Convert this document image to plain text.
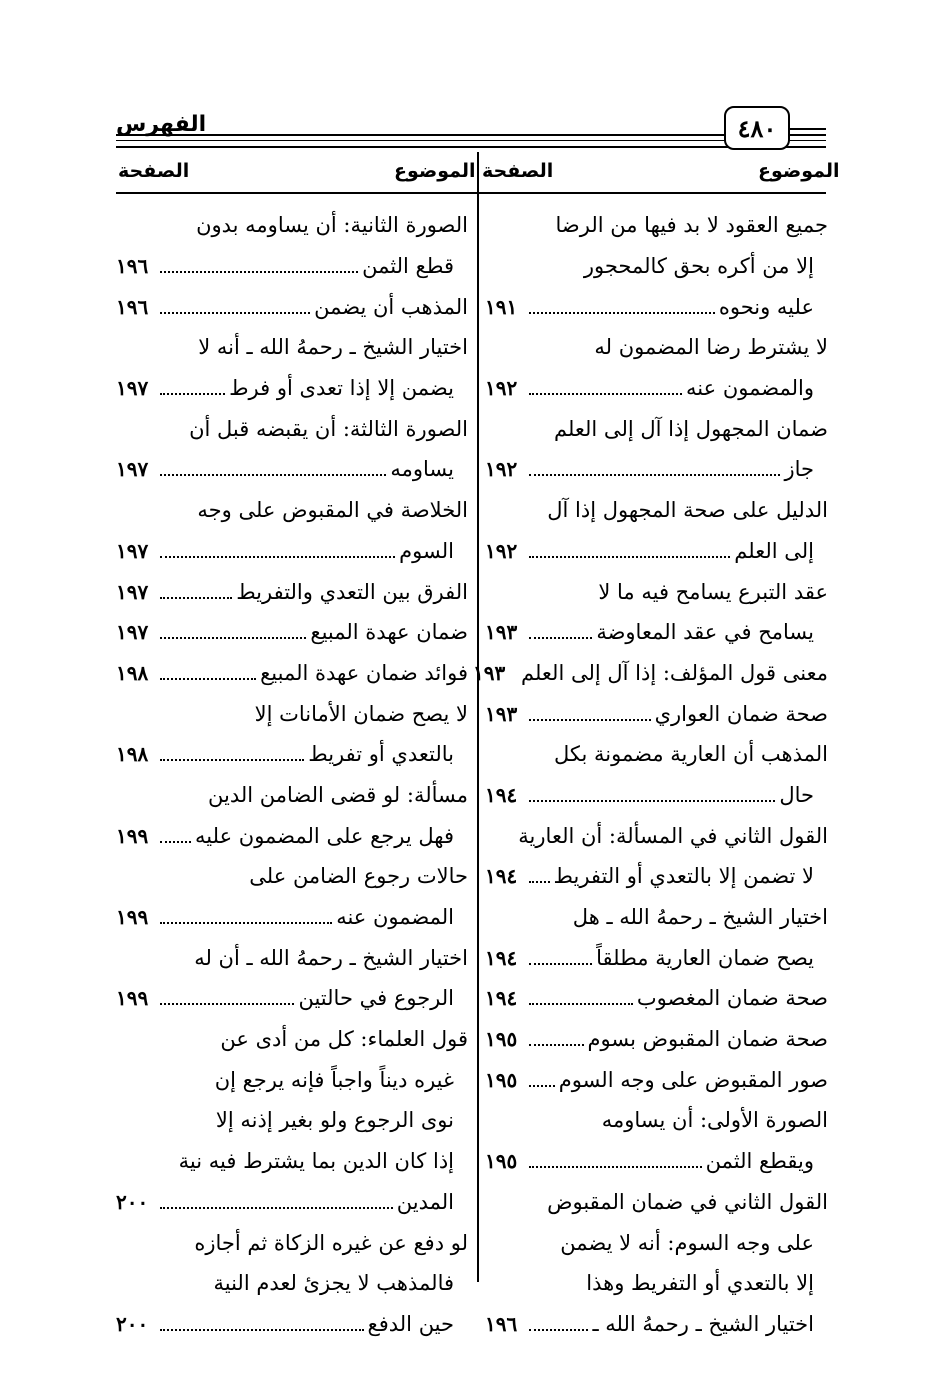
الفهرس	٤٨٠
الموضوع
الصفحة
الموضوع
الصفحة
جميع العقود لا بد فيها من الرضا
إلا من أكره بحق كالمحجور
عليه ونحوه
١٩١
لا يشترط رضا المضمون له
والمضمون عنه
١٩٢
ضمان المجهول إذا آل إلى العلم
جاز
١٩٢
الدليل على صحة المجهول إذا آل
إلى العلم
١٩٢
عقد التبرع يسامح فيه ما لا
يسامح في عقد المعاوضة
١٩٣
معنى قول المؤلف: إذا آل إلى العلم
١٩٣
صحة ضمان العواري
١٩٣
المذهب أن العارية مضمونة بكل
حال
١٩٤
القول الثاني في المسألة: أن العارية
لا تضمن إلا بالتعدي أو التفريط
١٩٤
اختيار الشيخ ـ رحمهُ الله ـ هل
يصح ضمان العارية مطلقاً
١٩٤
صحة ضمان المغصوب
١٩٤
صحة ضمان المقبوض بسوم
١٩٥
صور المقبوض على وجه السوم
١٩٥
الصورة الأولى: أن يساومه
ويقطع الثمن
١٩٥
القول الثاني في ضمان المقبوض
على وجه السوم: أنه لا يضمن
إلا بالتعدي أو التفريط وهذا
اختيار الشيخ ـ رحمهُ الله ـ
١٩٦
الصورة الثانية: أن يساومه بدون
قطع الثمن
١٩٦
المذهب أن يضمن
١٩٦
اختيار الشيخ ـ رحمهُ الله ـ أنه لا
يضمن إلا إذا تعدى أو فرط
١٩٧
الصورة الثالثة: أن يقبضه قبل أن
يساومه
١٩٧
الخلاصة في المقبوض على وجه
السوم
١٩٧
الفرق بين التعدي والتفريط
١٩٧
ضمان عهدة المبيع
١٩٧
فوائد ضمان عهدة المبيع
١٩٨
لا يصح ضمان الأمانات إلا
بالتعدي أو تفريط
١٩٨
مسألة: لو قضى الضامن الدين
فهل يرجع على المضمون عليه
١٩٩
حالات رجوع الضامن على
المضمون عنه
١٩٩
اختيار الشيخ ـ رحمهُ الله ـ أن له
الرجوع في حالتين
١٩٩
قول العلماء: كل من أدى عن
غيره ديناً واجباً فإنه يرجع إن
نوى الرجوع ولو بغير إذنه إلا
إذا كان الدين بما يشترط فيه نية
المدين
٢٠٠
لو دفع عن غيره الزكاة ثم أجازه
فالمذهب لا يجزئ لعدم النية
حين الدفع
٢٠٠
